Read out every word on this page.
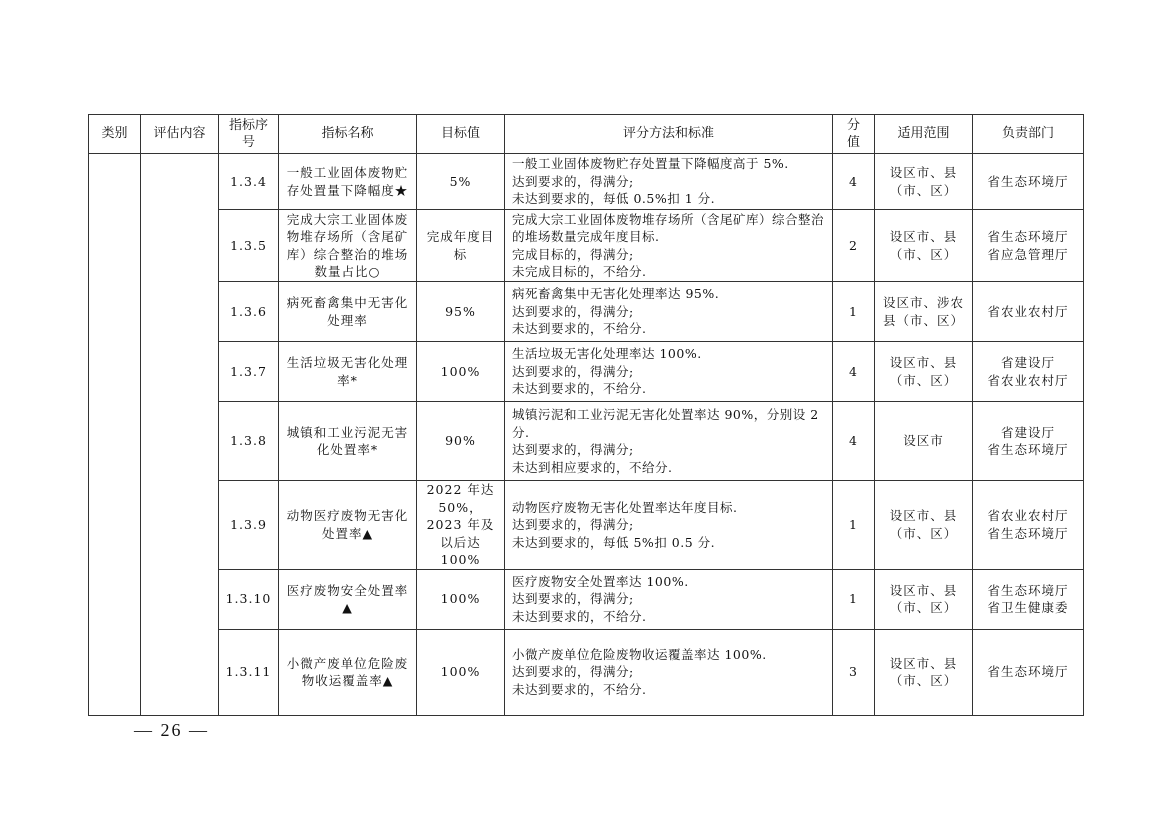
类别	评估内容	指标序号	指标名称	目标值	评分方法和标准	分值	适用范围	负责部门
		1.3.4	一般工业固体废物贮存处置量下降幅度★	5%	一般工业固体废物贮存处置量下降幅度高于 5%.
达到要求的，得满分;
未达到要求的，每低 0.5%扣 1 分.	4	设区市、县（市、区）	省生态环境厅
		1.3.5	完成大宗工业固体废物堆存场所（含尾矿库）综合整治的堆场数量占比○	完成年度目标	完成大宗工业固体废物堆存场所（含尾矿库）综合整治的堆场数量完成年度目标.
完成目标的，得满分;
未完成目标的，不给分.	2	设区市、县（市、区）	省生态环境厅
省应急管理厅
		1.3.6	病死畜禽集中无害化处理率	95%	病死畜禽集中无害化处理率达 95%.
达到要求的，得满分;
未达到要求的，不给分.	1	设区市、涉农县（市、区）	省农业农村厅
		1.3.7	生活垃圾无害化处理率*	100%	生活垃圾无害化处理率达 100%.
达到要求的，得满分;
未达到要求的，不给分.	4	设区市、县（市、区）	省建设厅
省农业农村厅
		1.3.8	城镇和工业污泥无害化处置率*	90%	城镇污泥和工业污泥无害化处置率达 90%，分别设 2 分.
达到要求的，得满分;
未达到相应要求的，不给分.	4	设区市	省建设厅
省生态环境厅
		1.3.9	动物医疗废物无害化处置率▲	2022 年达 50%，2023 年及以后达 100%	动物医疗废物无害化处置率达年度目标.
达到要求的，得满分;
未达到要求的，每低 5%扣 0.5 分.	1	设区市、县（市、区）	省农业农村厅
省生态环境厅
		1.3.10	医疗废物安全处置率▲	100%	医疗废物安全处置率达 100%.
达到要求的，得满分;
未达到要求的，不给分.	1	设区市、县（市、区）	省生态环境厅
省卫生健康委
		1.3.11	小微产废单位危险废物收运覆盖率▲	100%	小微产废单位危险废物收运覆盖率达 100%.
达到要求的，得满分;
未达到要求的，不给分.	3	设区市、县（市、区）	省生态环境厅
— 26 —
